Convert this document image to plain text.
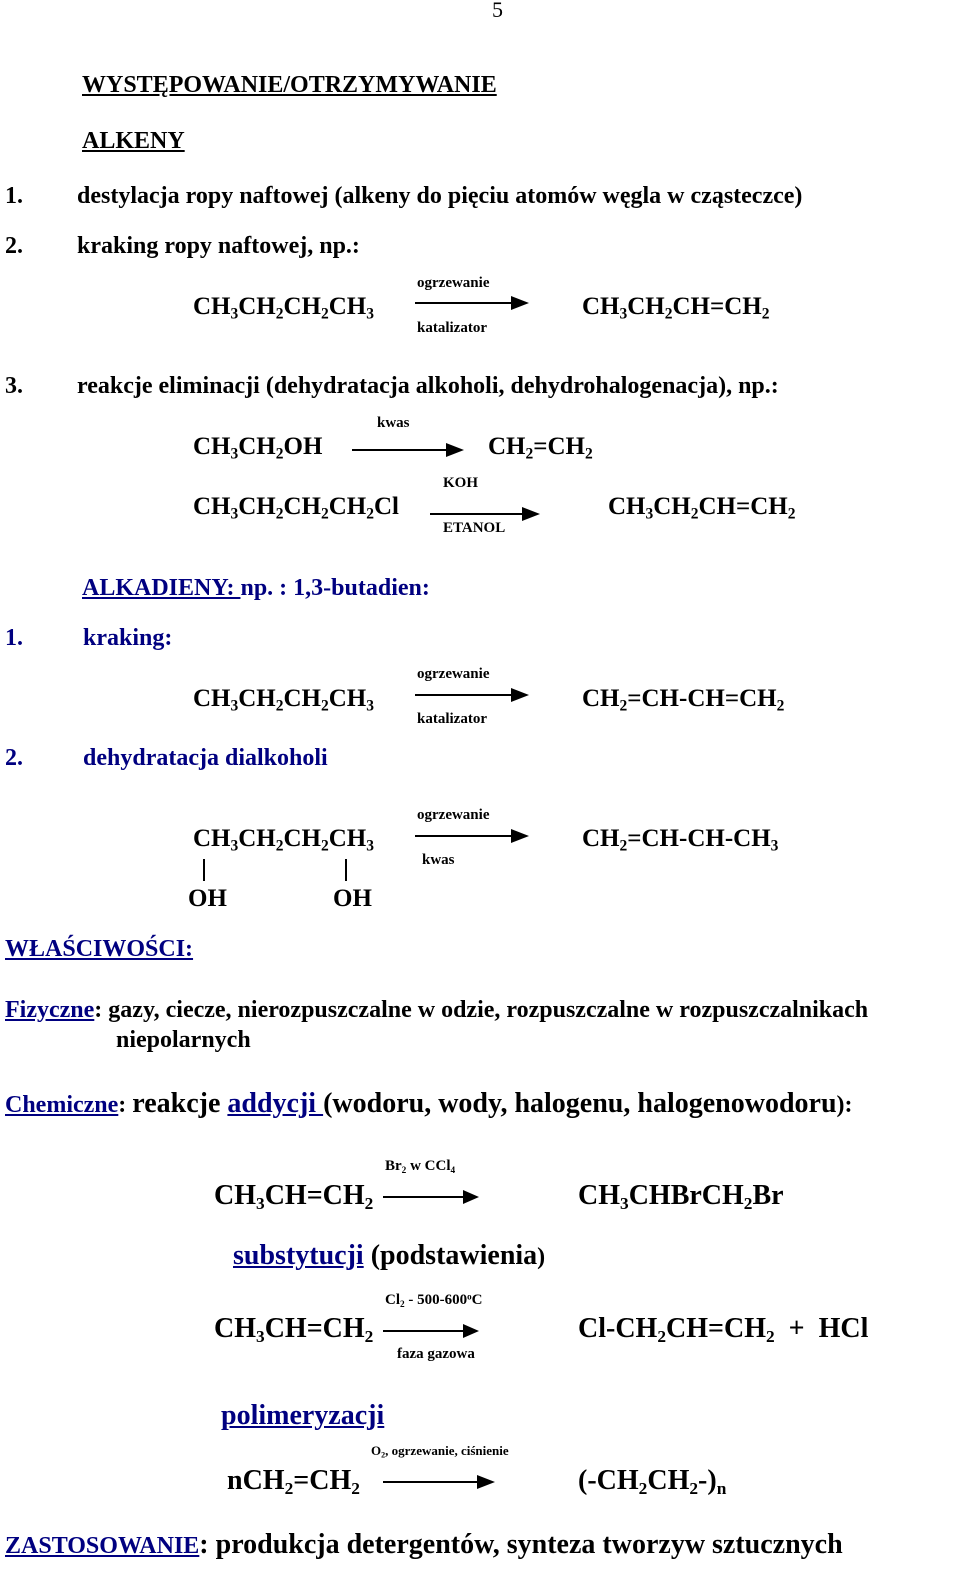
5
WYSTĘPOWANIE/OTRZYMYWANIE
ALKENY
1. destylacja ropy naftowej (alkeny do pięciu atomów węgla w cząsteczce)
2. kraking ropy naftowej, np.:
$CH_3CH_2CH_2CH_3$
ogrzewanie
katalizator
$CH_3CH_2CH=CH_2$
3. reakcje eliminacji (dehydratacja alkoholi, dehydrohalogenacja), np.:
$CH_3CH_2OH$
kwas
$CH_2=CH_2$
$CH_3CH_2CH_2CH_2Cl$
KOH
ETANOL
$CH_3CH_2CH=CH_2$
ALKADIENY: np. : 1,3-butadien:
1.	kraking:
$CH_3CH_2CH_2CH_3$
ogrzewanie
katalizator
$CH_2=CH-CH=CH_2$
2.	dehydratacja dialkoholi
$CH_3CH_2CH_2CH_3$
OH	OH
ogrzewanie
kwas
$CH_2=CH-CH-CH_3$
WŁAŚCIWOŚCI:
Fizyczne: gazy, ciecze, nierozpuszczalne w odzie, rozpuszczalne w rozpuszczalnikach
niepolarnych
Chemiczne: reakcje addycji (wodoru, wody, halogenu, halogenowodoru):
$CH_3CH=CH_2$
$Br_2$ w CCl$_4$
$CH_3CHBrCH_2Br$
substytucji (podstawienia)
$CH_3CH=CH_2$
$Cl_2 - 500-600^oC$
faza gazowa
$Cl-CH_2CH=CH_2$  +  HCl
polimeryzacji
$nCH_2=CH_2$
$O_2$, ogrzewanie, ciśnienie
$(-CH_2CH_2-)_n$
ZASTOSOWANIE: produkcja detergentów, synteza tworzyw sztucznych
